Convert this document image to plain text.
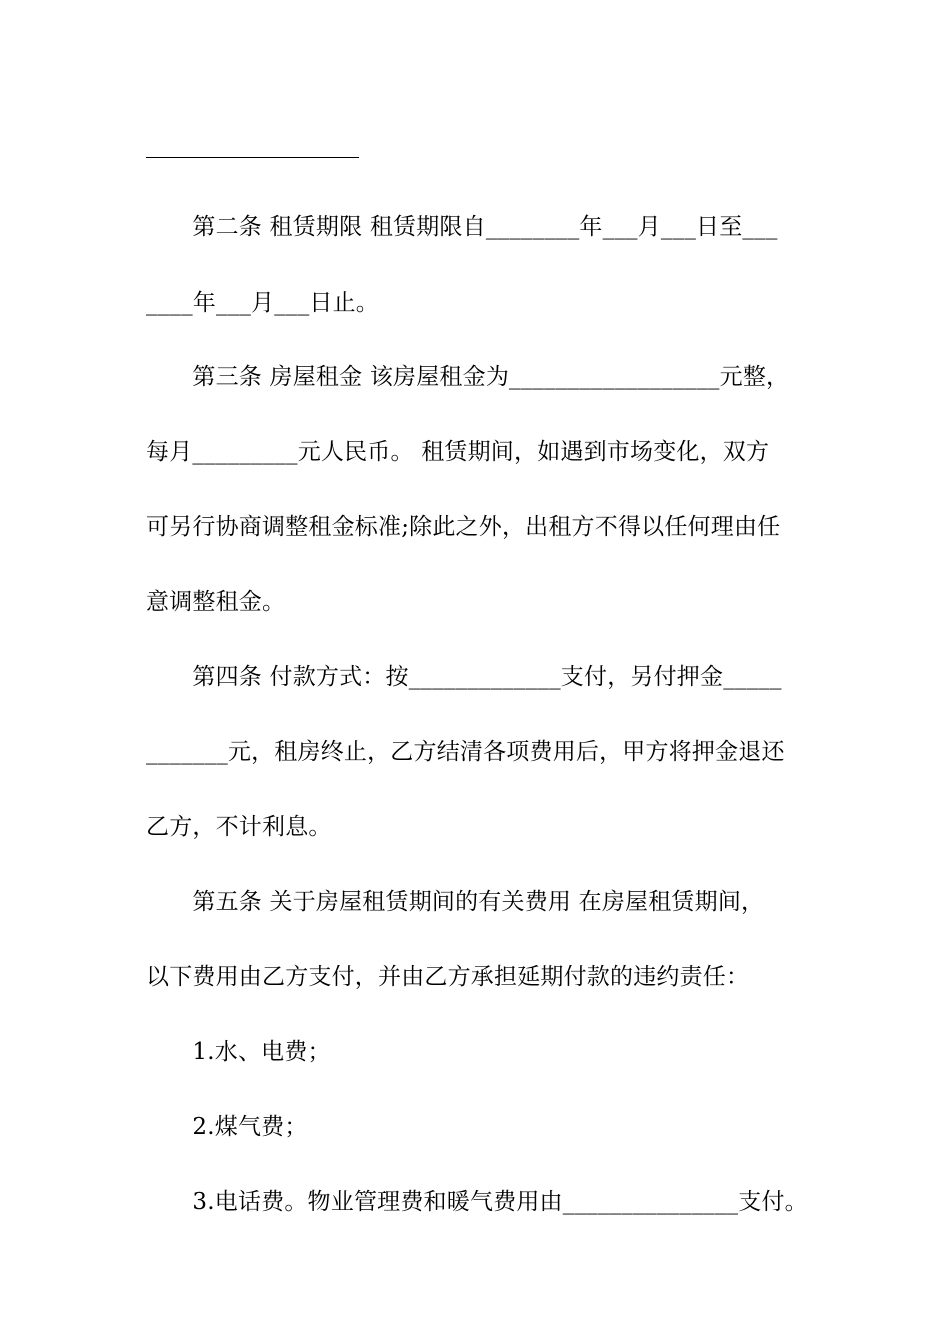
　　第二条 租赁期限 租赁期限自________年___月___日至___
____年___月___日止。
　　第三条 房屋租金 该房屋租金为__________________元整，
每月_________元人民币。 租赁期间，如遇到市场变化，双方
可另行协商调整租金标准;除此之外，出租方不得以任何理由任
意调整租金。
　　第四条 付款方式：按_____________支付，另付押金_____
_______元，租房终止，乙方结清各项费用后，甲方将押金退还
乙方，不计利息。
　　第五条 关于房屋租赁期间的有关费用 在房屋租赁期间，
以下费用由乙方支付，并由乙方承担延期付款的违约责任：
　　1.水、电费；
　　2.煤气费；
　　3.电话费。物业管理费和暖气费用由_______________支付。
